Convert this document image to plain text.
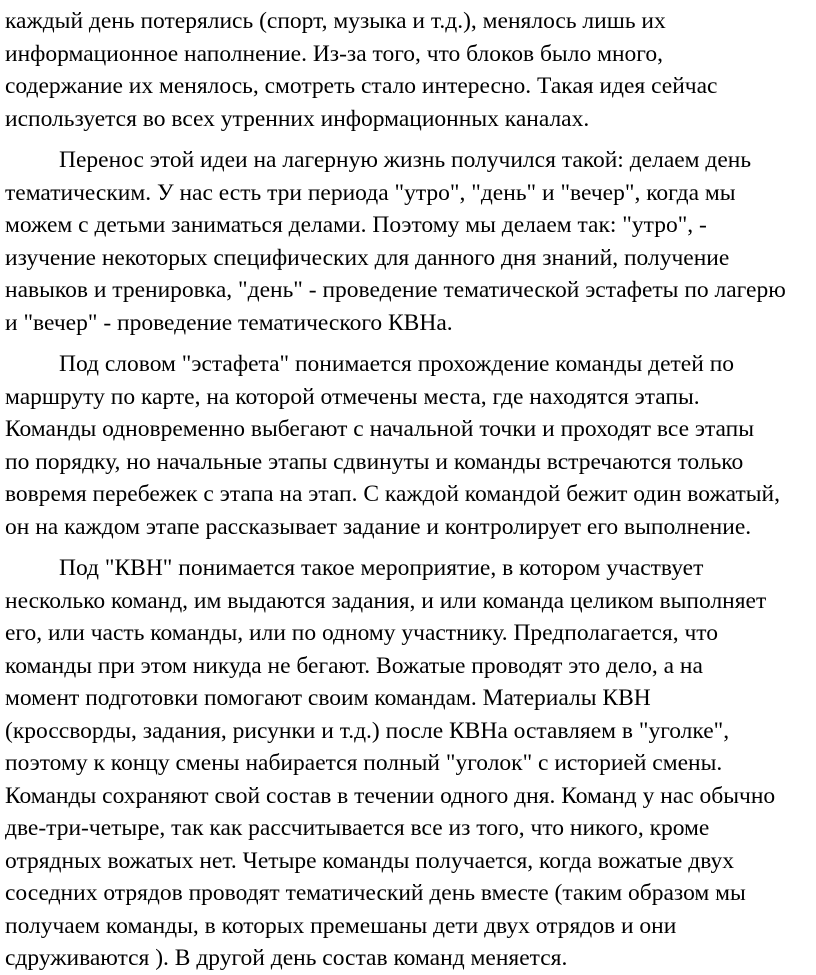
каждый день потерялись (спорт, музыка и т.д.), менялось лишь их
информационное наполнение. Из-за того, что блоков было много,
содержание их менялось, смотреть стало интересно. Такая идея сейчас
используется во всех утренних информационных каналах.
Перенос этой идеи на лагерную жизнь получился такой: делаем день
тематическим. У нас есть три периода "утро", "день" и "вечер", когда мы
можем с детьми заниматься делами. Поэтому мы делаем так: "утро", -
изучение некоторых специфических для данного дня знаний, получение
навыков и тренировка, "день" - проведение тематической эстафеты по лагерю
и "вечер" - проведение тематического КВНа.
Под словом "эстафета" понимается прохождение команды детей по
маршруту по карте, на которой отмечены места, где находятся этапы.
Команды одновременно выбегают с начальной точки и проходят все этапы
по порядку, но начальные этапы сдвинуты и команды встречаются только
вовремя перебежек с этапа на этап. С каждой командой бежит один вожатый,
он на каждом этапе рассказывает задание и контролирует его выполнение.
Под "КВН" понимается такое мероприятие, в котором участвует
несколько команд, им выдаются задания, и или команда целиком выполняет
его, или часть команды, или по одному участнику. Предполагается, что
команды при этом никуда не бегают. Вожатые проводят это дело, а на
момент подготовки помогают своим командам. Материалы КВН
(кроссворды, задания, рисунки и т.д.) после КВНа оставляем в "уголке",
поэтому к концу смены набирается полный "уголок" с историей смены.
Команды сохраняют свой состав в течении одного дня. Команд у нас обычно
две-три-четыре, так как рассчитывается все из того, что никого, кроме
отрядных вожатых нет. Четыре команды получается, когда вожатые двух
соседних отрядов проводят тематический день вместе (таким образом мы
получаем команды, в которых премешаны дети двух отрядов и они
сдруживаются ). В другой день состав команд меняется.
